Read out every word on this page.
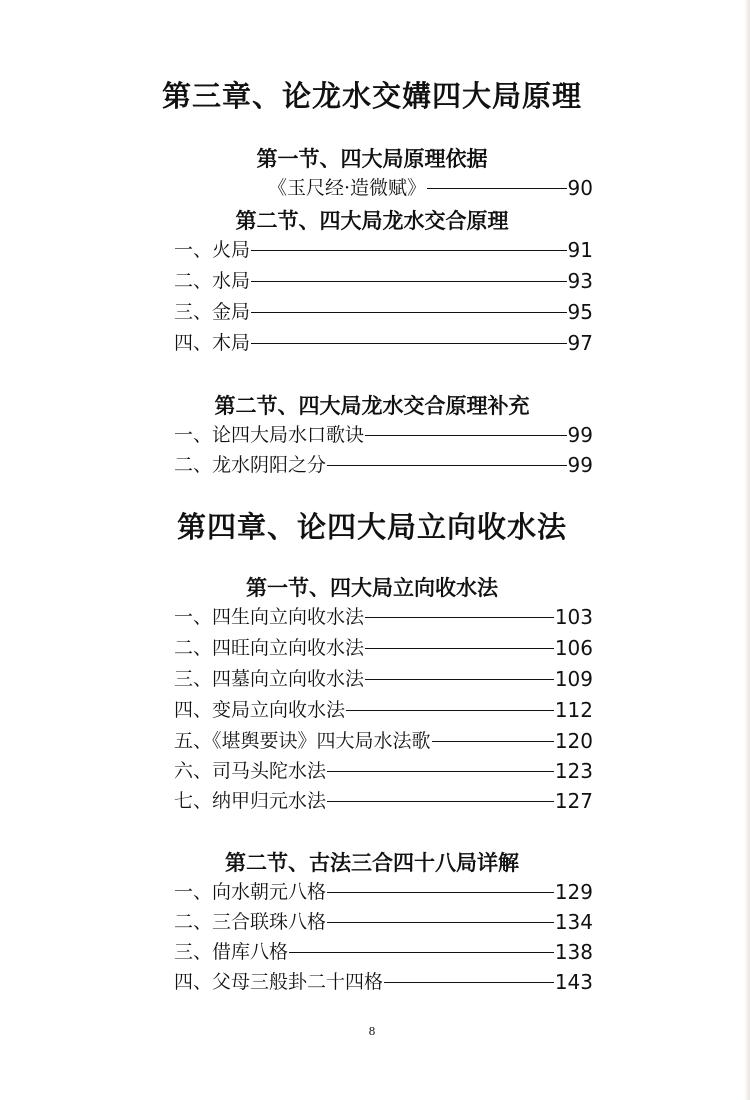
第三章、论龙水交媾四大局原理
第一节、四大局原理依据
《玉尺经·造微赋》	90
第二节、四大局龙水交合原理
一、火局	91
二、水局	93
三、金局	95
四、木局	97
第二节、四大局龙水交合原理补充
一、论四大局水口歌诀	99
二、龙水阴阳之分	99
第四章、论四大局立向收水法
第一节、四大局立向收水法
一、四生向立向收水法	103
二、四旺向立向收水法	106
三、四墓向立向收水法	109
四、变局立向收水法	112
五、《堪舆要诀》四大局水法歌	120
六、司马头陀水法	123
七、纳甲归元水法	127
第二节、古法三合四十八局详解
一、向水朝元八格	129
二、三合联珠八格	134
三、借库八格	138
四、父母三般卦二十四格	143
8
